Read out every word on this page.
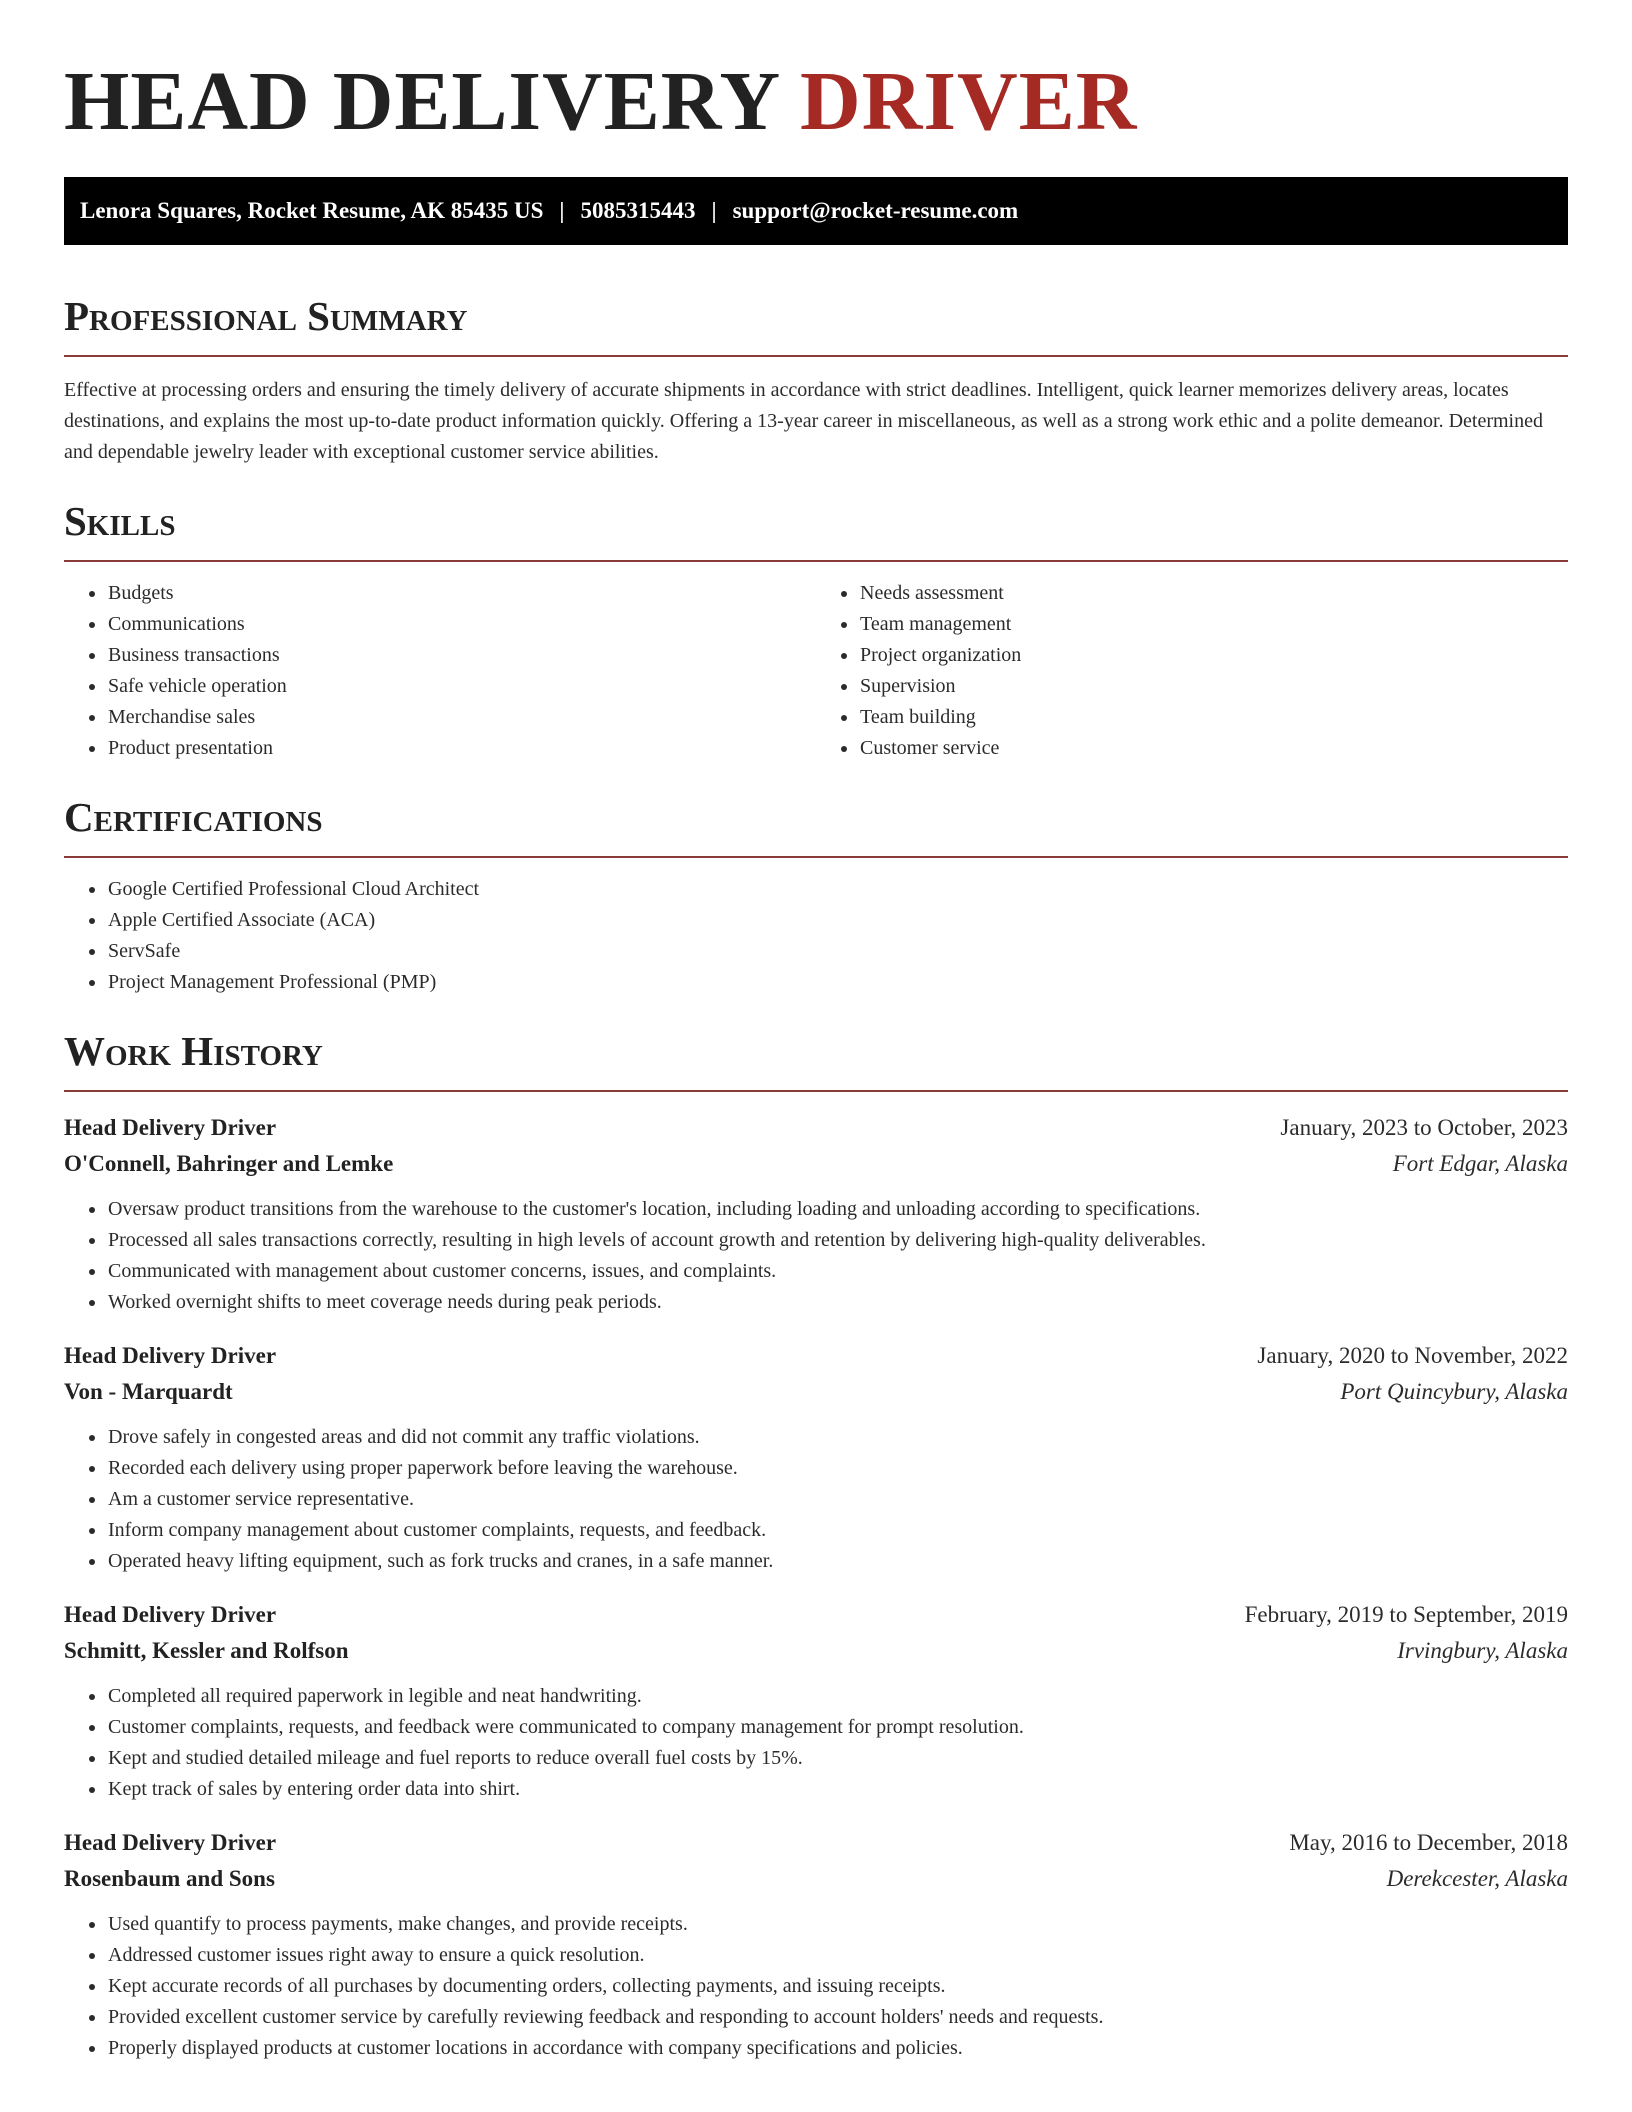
HEAD DELIVERY DRIVER
Lenora Squares, Rocket Resume, AK 85435 US | 5085315443 | support@rocket-resume.com
Professional Summary

Effective at processing orders and ensuring the timely delivery of accurate shipments in accordance with strict deadlines. Intelligent, quick learner memorizes delivery areas, locates destinations, and explains the most up-to-date product information quickly. Offering a 13-year career in miscellaneous, as well as a strong work ethic and a polite demeanor. Determined and dependable jewelry leader with exceptional customer service abilities.

Skills
• Budgets
• Communications
• Business transactions
• Safe vehicle operation
• Merchandise sales
• Product presentation
• Needs assessment
• Team management
• Project organization
• Supervision
• Team building
• Customer service
Certifications
• Google Certified Professional Cloud Architect
• Apple Certified Associate (ACA)
• ServSafe
• Project Management Professional (PMP)
Work History
Head Delivery Driver	January, 2023 to October, 2023
O'Connell, Bahringer and Lemke	Fort Edgar, Alaska
• Oversaw product transitions from the warehouse to the customer's location, including loading and unloading according to specifications.
• Processed all sales transactions correctly, resulting in high levels of account growth and retention by delivering high-quality deliverables.
• Communicated with management about customer concerns, issues, and complaints.
• Worked overnight shifts to meet coverage needs during peak periods.
Head Delivery Driver	January, 2020 to November, 2022
Von - Marquardt	Port Quincybury, Alaska
• Drove safely in congested areas and did not commit any traffic violations.
• Recorded each delivery using proper paperwork before leaving the warehouse.
• Am a customer service representative.
• Inform company management about customer complaints, requests, and feedback.
• Operated heavy lifting equipment, such as fork trucks and cranes, in a safe manner.
Head Delivery Driver	February, 2019 to September, 2019
Schmitt, Kessler and Rolfson	Irvingbury, Alaska
• Completed all required paperwork in legible and neat handwriting.
• Customer complaints, requests, and feedback were communicated to company management for prompt resolution.
• Kept and studied detailed mileage and fuel reports to reduce overall fuel costs by 15%.
• Kept track of sales by entering order data into shirt.
Head Delivery Driver	May, 2016 to December, 2018
Rosenbaum and Sons	Derekcester, Alaska
• Used quantify to process payments, make changes, and provide receipts.
• Addressed customer issues right away to ensure a quick resolution.
• Kept accurate records of all purchases by documenting orders, collecting payments, and issuing receipts.
• Provided excellent customer service by carefully reviewing feedback and responding to account holders' needs and requests.
• Properly displayed products at customer locations in accordance with company specifications and policies.
